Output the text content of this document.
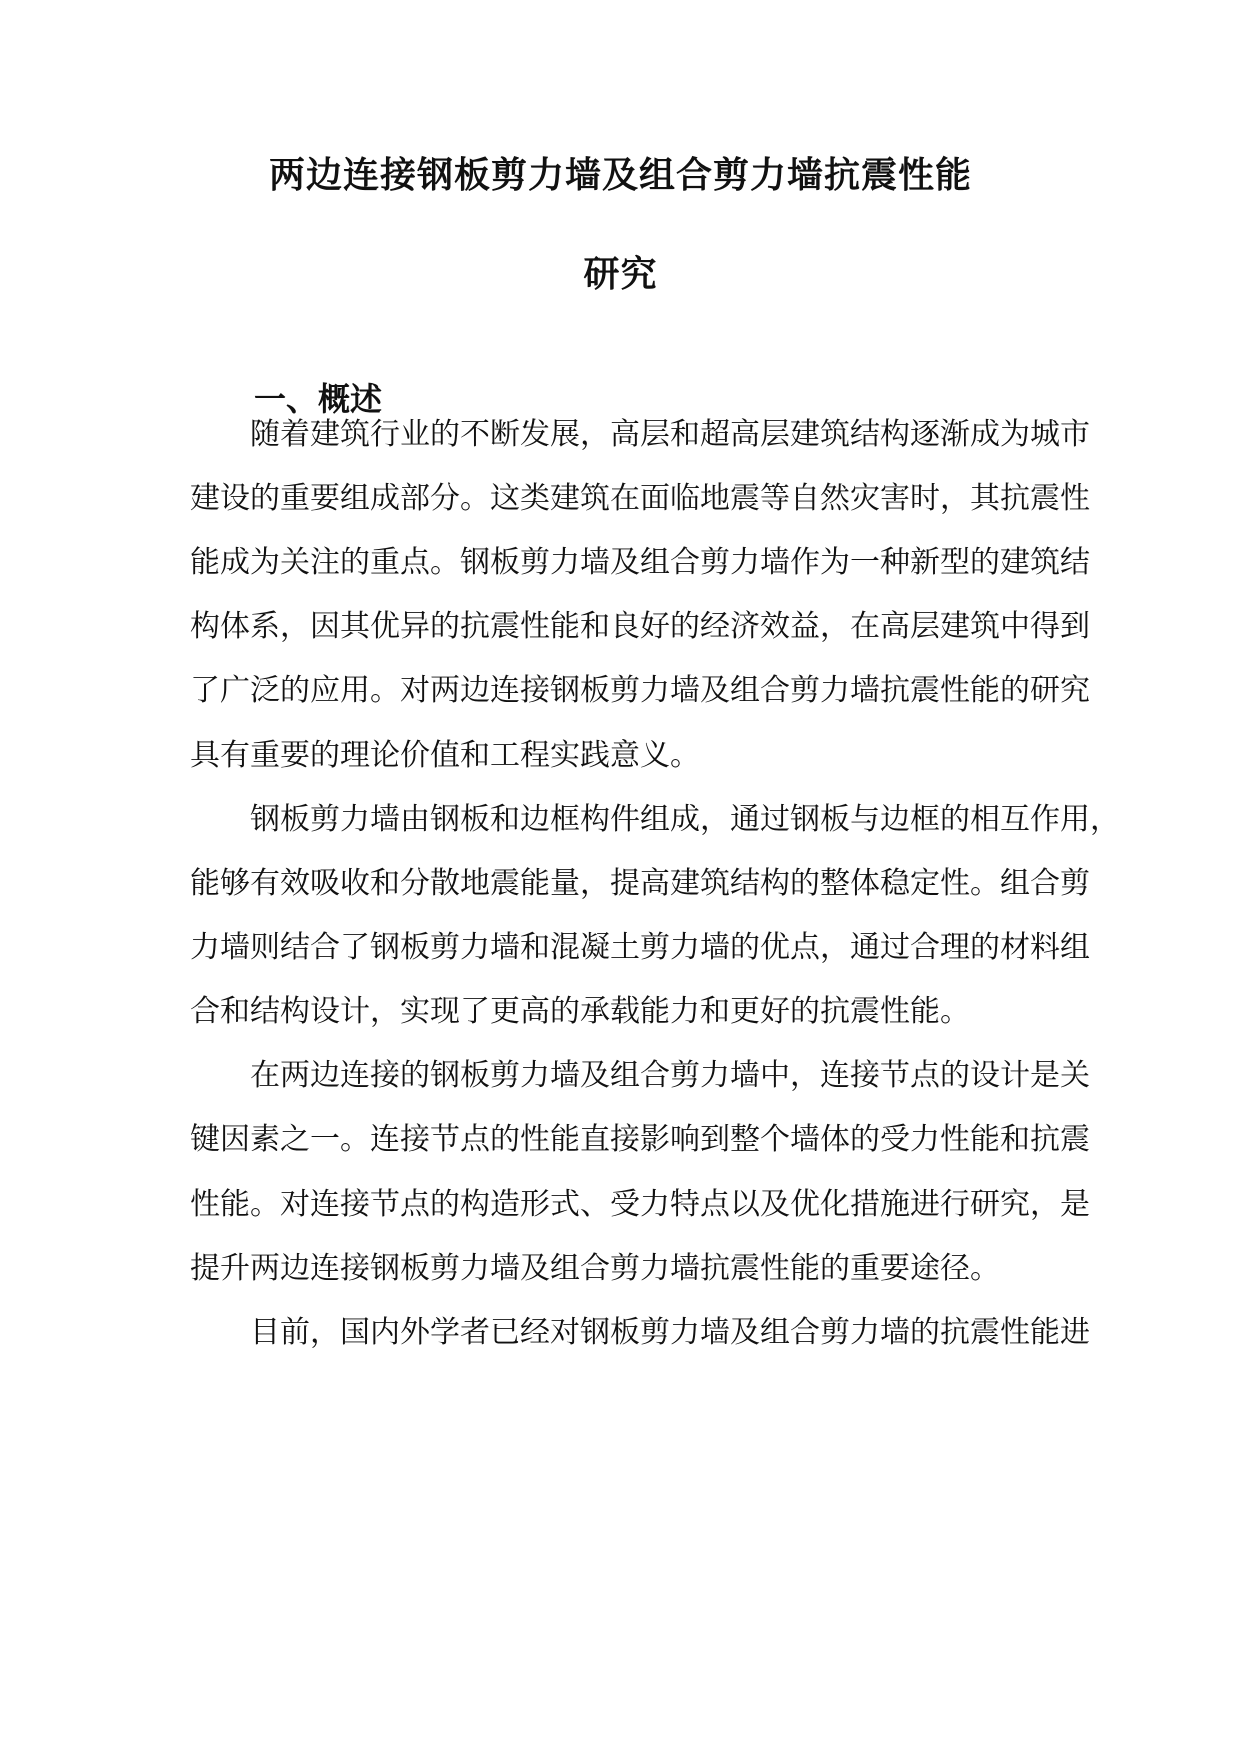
两边连接钢板剪力墙及组合剪力墙抗震性能
研究
一、概述
随着建筑行业的不断发展，高层和超高层建筑结构逐渐成为城市
建设的重要组成部分。这类建筑在面临地震等自然灾害时，其抗震性
能成为关注的重点。钢板剪力墙及组合剪力墙作为一种新型的建筑结
构体系，因其优异的抗震性能和良好的经济效益，在高层建筑中得到
了广泛的应用。对两边连接钢板剪力墙及组合剪力墙抗震性能的研究
具有重要的理论价值和工程实践意义。
钢板剪力墙由钢板和边框构件组成，通过钢板与边框的相互作用，
能够有效吸收和分散地震能量，提高建筑结构的整体稳定性。组合剪
力墙则结合了钢板剪力墙和混凝土剪力墙的优点，通过合理的材料组
合和结构设计，实现了更高的承载能力和更好的抗震性能。
在两边连接的钢板剪力墙及组合剪力墙中，连接节点的设计是关
键因素之一。连接节点的性能直接影响到整个墙体的受力性能和抗震
性能。对连接节点的构造形式、受力特点以及优化措施进行研究，是
提升两边连接钢板剪力墙及组合剪力墙抗震性能的重要途径。
目前，国内外学者已经对钢板剪力墙及组合剪力墙的抗震性能进
